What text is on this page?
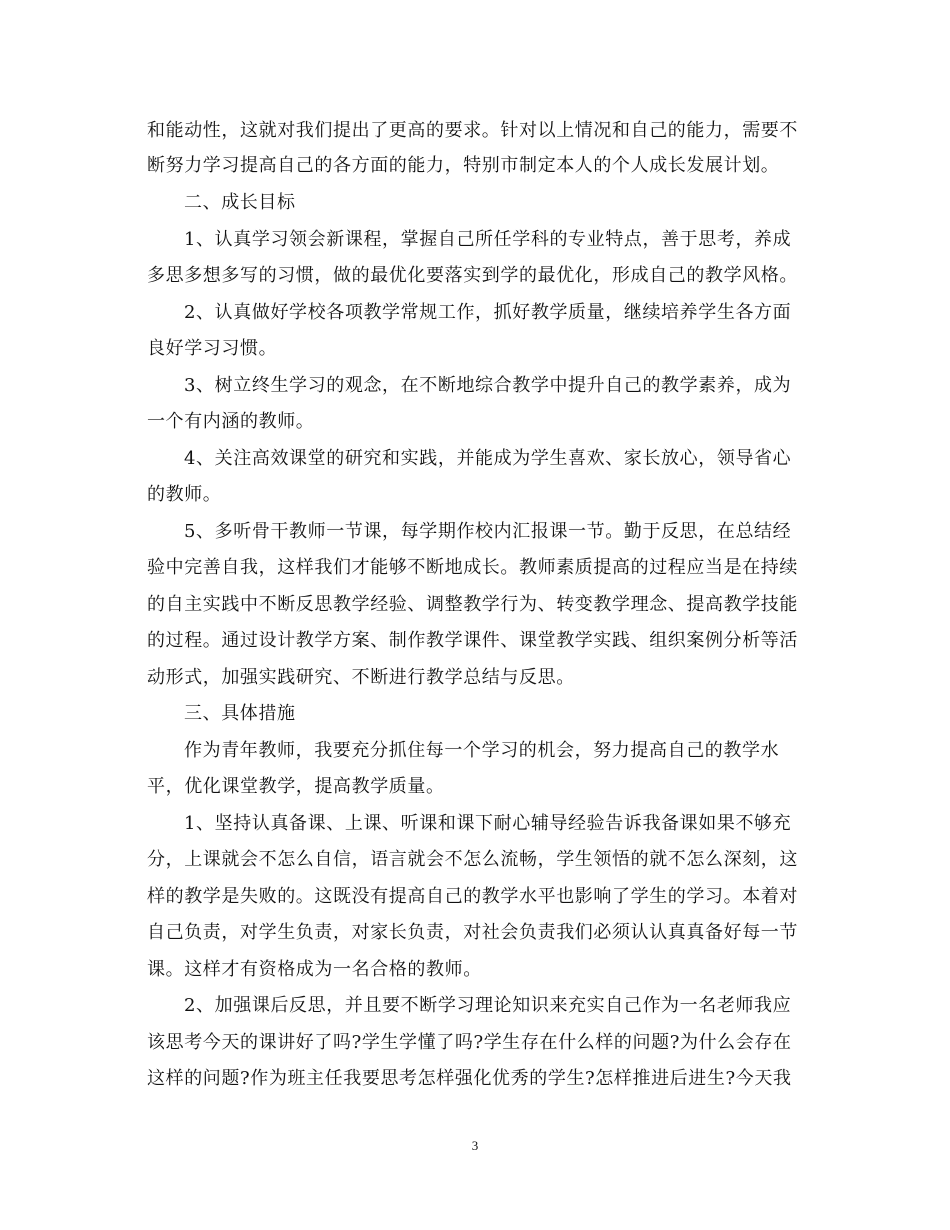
和能动性，这就对我们提出了更高的要求。针对以上情况和自己的能力，需要不
断努力学习提高自己的各方面的能力，特别市制定本人的个人成长发展计划。
二、成长目标
1、认真学习领会新课程，掌握自己所任学科的专业特点，善于思考，养成
多思多想多写的习惯，做的最优化要落实到学的最优化，形成自己的教学风格。
2、认真做好学校各项教学常规工作，抓好教学质量，继续培养学生各方面
良好学习习惯。
3、树立终生学习的观念，在不断地综合教学中提升自己的教学素养，成为
一个有内涵的教师。
4、关注高效课堂的研究和实践，并能成为学生喜欢、家长放心，领导省心
的教师。
5、多听骨干教师一节课，每学期作校内汇报课一节。勤于反思，在总结经
验中完善自我，这样我们才能够不断地成长。教师素质提高的过程应当是在持续
的自主实践中不断反思教学经验、调整教学行为、转变教学理念、提高教学技能
的过程。通过设计教学方案、制作教学课件、课堂教学实践、组织案例分析等活
动形式，加强实践研究、不断进行教学总结与反思。
三、具体措施
作为青年教师，我要充分抓住每一个学习的机会，努力提高自己的教学水
平，优化课堂教学，提高教学质量。
1、坚持认真备课、上课、听课和课下耐心辅导经验告诉我备课如果不够充
分，上课就会不怎么自信，语言就会不怎么流畅，学生领悟的就不怎么深刻，这
样的教学是失败的。这既没有提高自己的教学水平也影响了学生的学习。本着对
自己负责，对学生负责，对家长负责，对社会负责我们必须认认真真备好每一节
课。这样才有资格成为一名合格的教师。
2、加强课后反思，并且要不断学习理论知识来充实自己作为一名老师我应
该思考今天的课讲好了吗?学生学懂了吗?学生存在什么样的问题?为什么会存在
这样的问题?作为班主任我要思考怎样强化优秀的学生?怎样推进后进生?今天我
3
